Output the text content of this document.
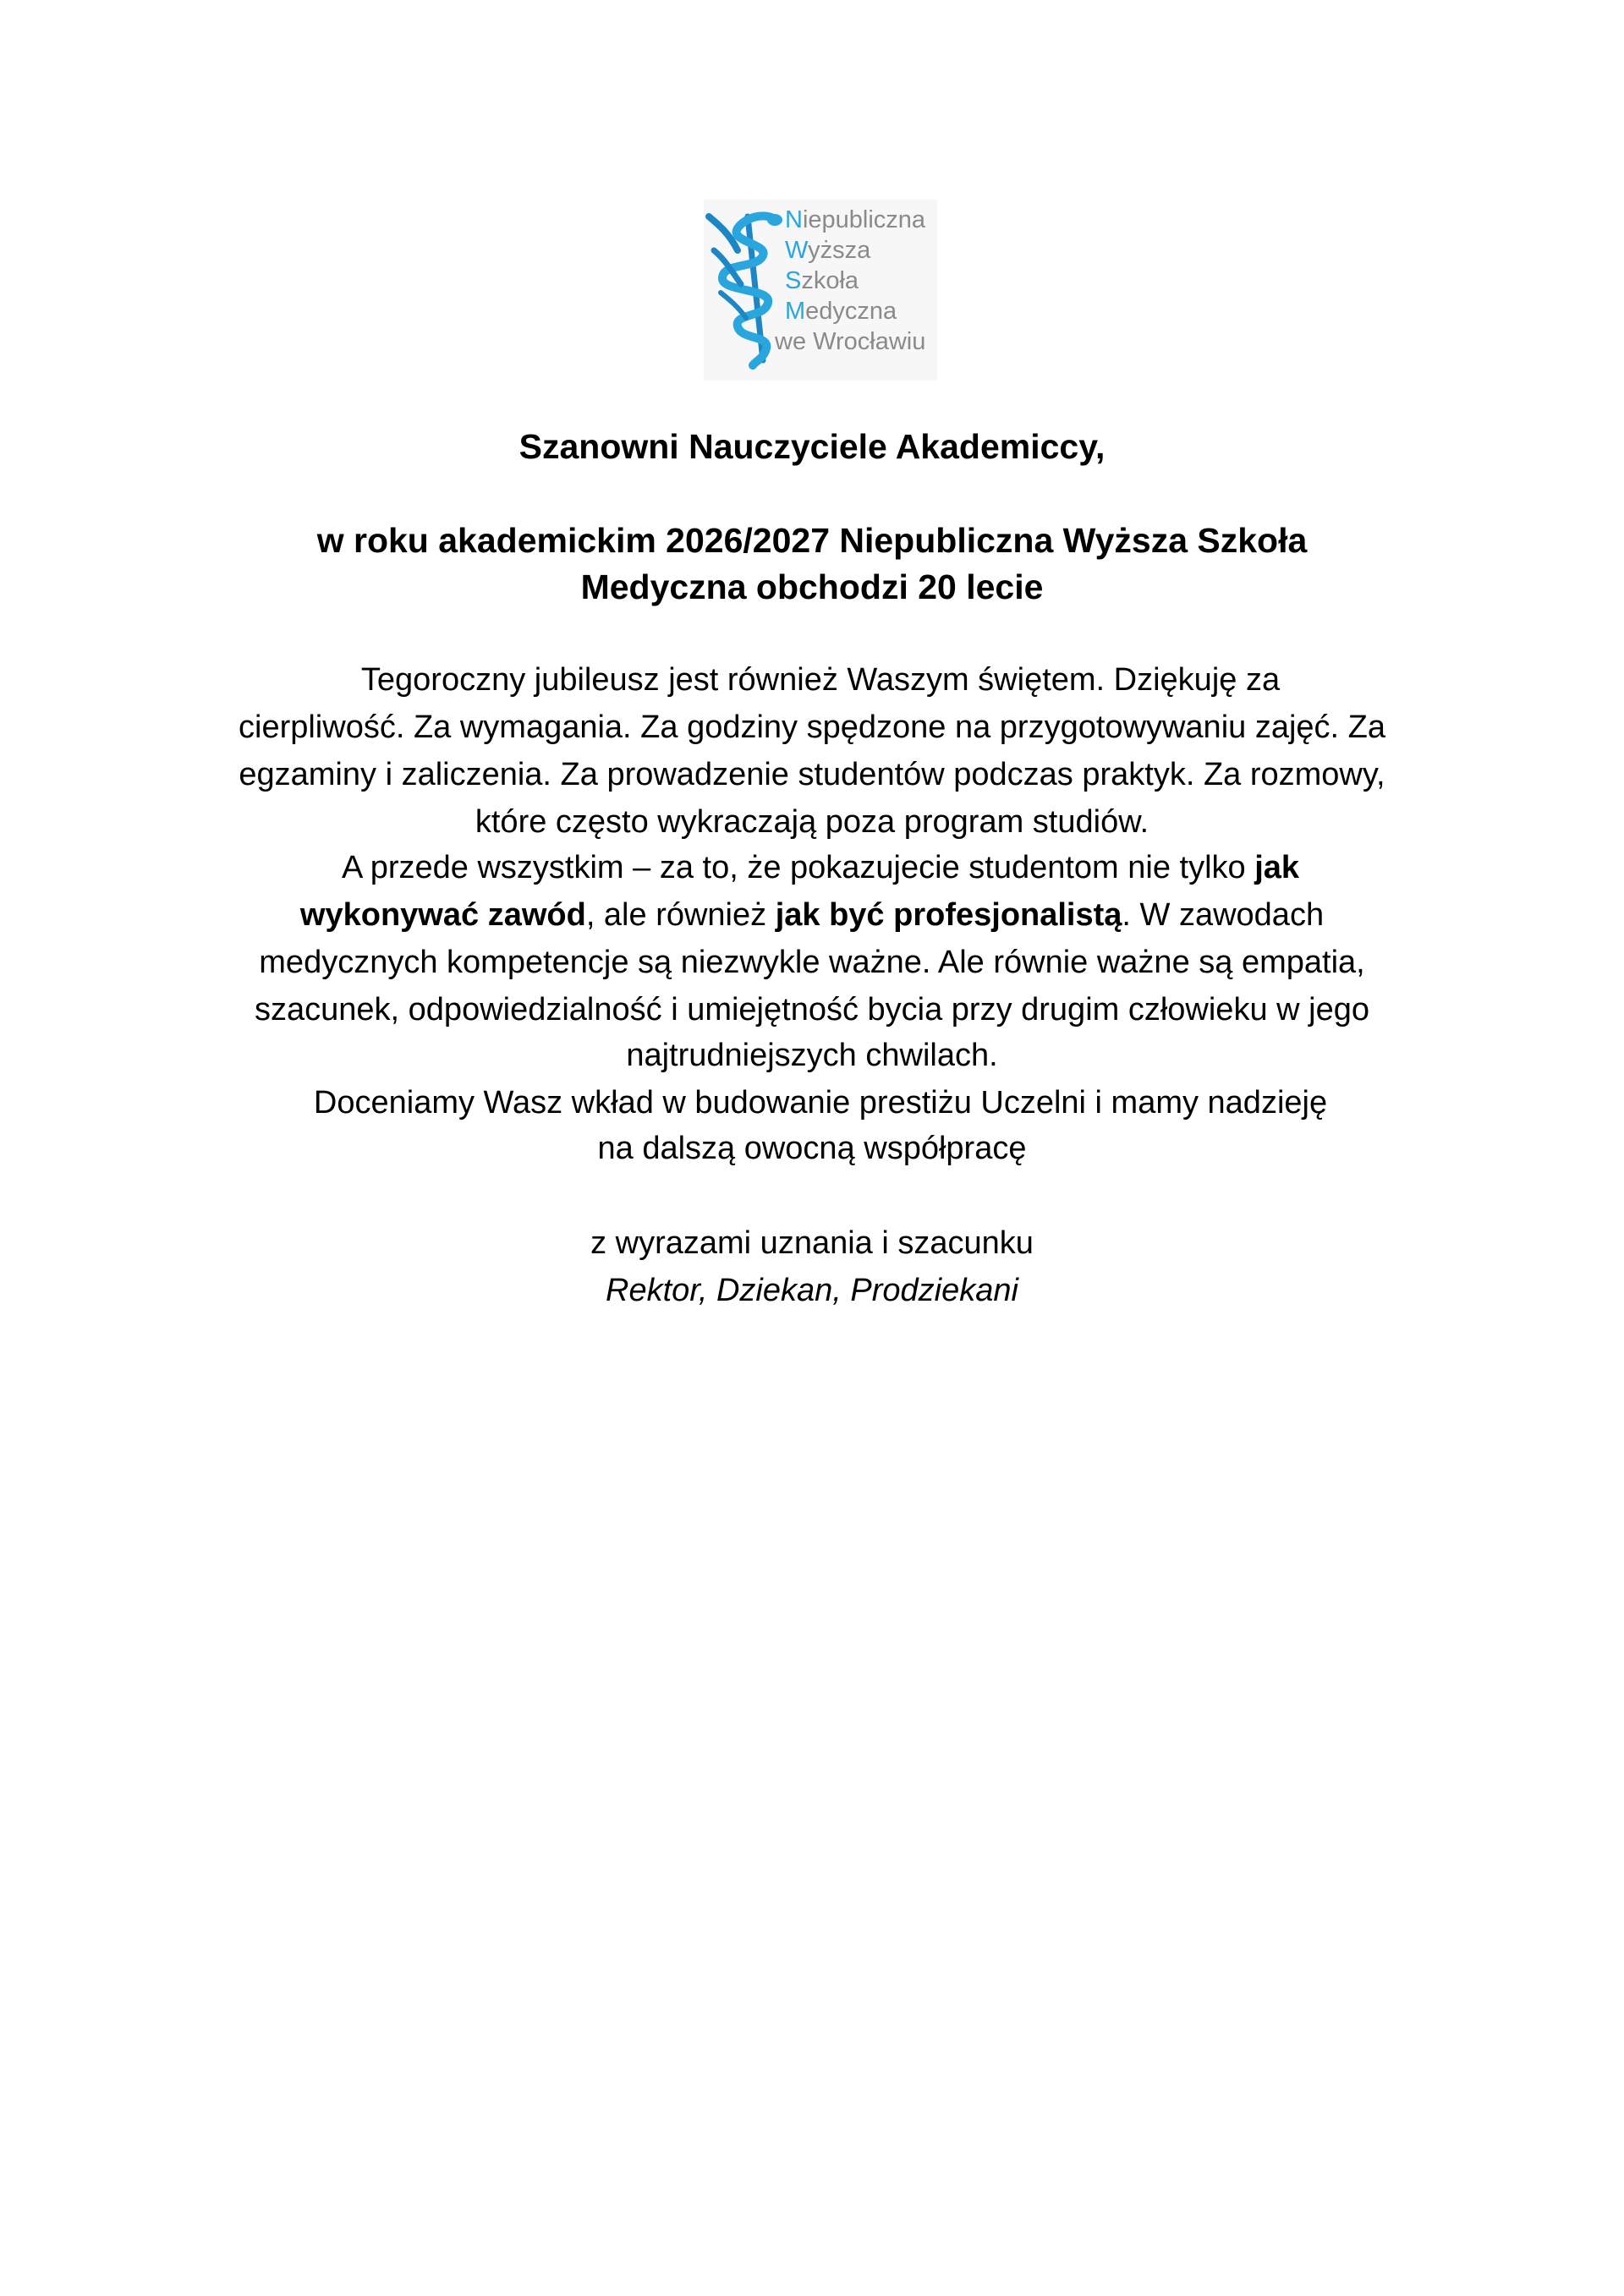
Niepubliczna
Wyższa
Szkoła
Medyczna
we Wrocławiu
Szanowni Nauczyciele Akademiccy,
w roku akademickim 2026/2027 Niepubliczna Wyższa Szkoła
Medyczna obchodzi 20 lecie
Tegoroczny jubileusz jest również Waszym świętem. Dziękuję za
cierpliwość. Za wymagania. Za godziny spędzone na przygotowywaniu zajęć. Za
egzaminy i zaliczenia. Za prowadzenie studentów podczas praktyk. Za rozmowy,
które często wykraczają poza program studiów.
A przede wszystkim – za to, że pokazujecie studentom nie tylko jak
wykonywać zawód, ale również jak być profesjonalistą. W zawodach
medycznych kompetencje są niezwykle ważne. Ale równie ważne są empatia,
szacunek, odpowiedzialność i umiejętność bycia przy drugim człowieku w jego
najtrudniejszych chwilach.
Doceniamy Wasz wkład w budowanie prestiżu Uczelni i mamy nadzieję
na dalszą owocną współpracę
z wyrazami uznania i szacunku
Rektor, Dziekan, Prodziekani
